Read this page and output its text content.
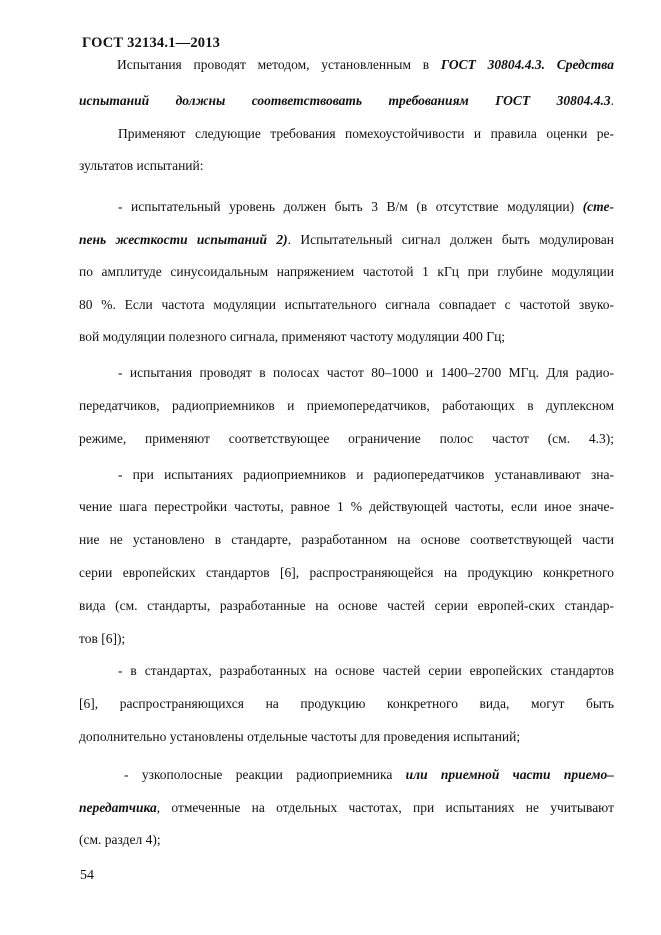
ГОСТ 32134.1—2013
Испытания проводят методом, установленным в ГОСТ 30804.4.3. Средства
испытаний должны соответствовать требованиям ГОСТ 30804.4.3.
Применяют следующие требования помехоустойчивости и правила оценки ре-
зультатов испытаний:
- испытательный уровень должен быть 3 В/м (в отсутствие модуляции) (сте-
пень жесткости испытаний 2). Испытательный сигнал должен быть модулирован
по амплитуде синусоидальным напряжением частотой 1 кГц при глубине модуляции
80 %. Если частота модуляции испытательного сигнала совпадает с частотой звуко-
вой модуляции полезного сигнала, применяют частоту модуляции 400 Гц;
- испытания проводят в полосах частот 80–1000 и 1400–2700 МГц. Для радио-
передатчиков, радиоприемников и приемопередатчиков, работающих в дуплексном
режиме, применяют соответствующее ограничение полос частот (см. 4.3);
- при испытаниях радиоприемников и радиопередатчиков устанавливают зна-
чение шага перестройки частоты, равное 1 % действующей частоты, если иное значе-
ние не установлено в стандарте, разработанном на основе соответствующей части
серии европейских стандартов [6], распространяющейся на продукцию конкретного
вида (см. стандарты, разработанные на основе частей серии европей-ских стандар-
тов [6]);
- в стандартах, разработанных на основе частей серии европейских стандартов
[6], распространяющихся на продукцию конкретного вида, могут быть
дополнительно установлены отдельные частоты для проведения испытаний;
- узкополосные реакции радиоприемника или приемной части приемо–
передатчика, отмеченные на отдельных частотах, при испытаниях не учитывают
(см. раздел 4);
54
